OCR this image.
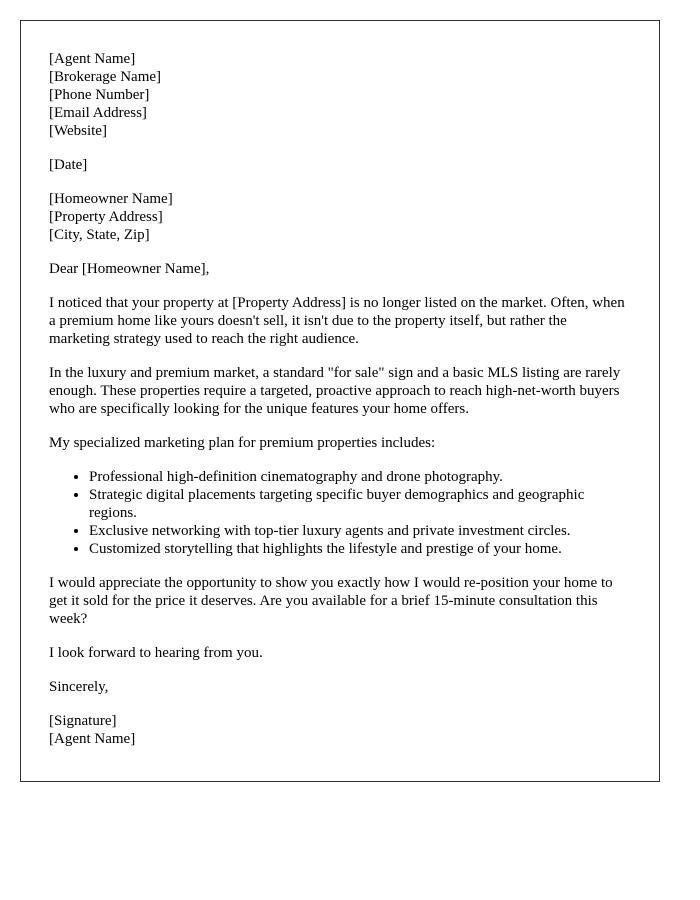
[Agent Name]
[Brokerage Name]
[Phone Number]
[Email Address]
[Website]
[Date]
[Homeowner Name]
[Property Address]
[City, State, Zip]

Dear [Homeowner Name],

I noticed that your property at [Property Address] is no longer listed on the market. Often, when a premium home like yours doesn't sell, it isn't due to the property itself, but rather the marketing strategy used to reach the right audience.

In the luxury and premium market, a standard "for sale" sign and a basic MLS listing are rarely enough. These properties require a targeted, proactive approach to reach high-net-worth buyers who are specifically looking for the unique features your home offers.

My specialized marketing plan for premium properties includes:

• Professional high-definition cinematography and drone photography.
• Strategic digital placements targeting specific buyer demographics and geographic regions.
• Exclusive networking with top-tier luxury agents and private investment circles.
• Customized storytelling that highlights the lifestyle and prestige of your home.

I would appreciate the opportunity to show you exactly how I would re-position your home to get it sold for the price it deserves. Are you available for a brief 15-minute consultation this week?

I look forward to hearing from you.

Sincerely,

[Signature]
[Agent Name]
